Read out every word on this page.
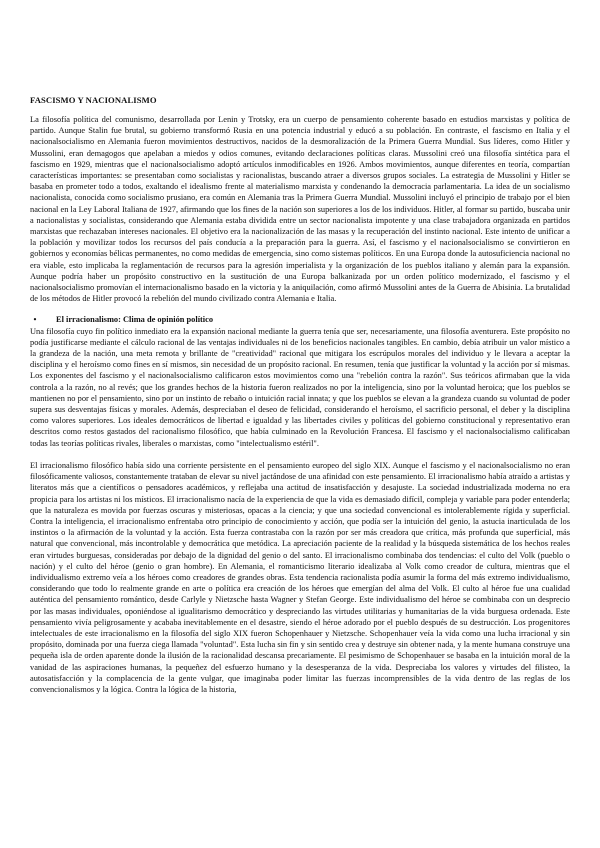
FASCISMO Y NACIONALISMO

La filosofía política del comunismo, desarrollada por Lenin y Trotsky, era un cuerpo de pensamiento coherente basado en estudios marxistas y política de partido. Aunque Stalin fue brutal, su gobierno transformó Rusia en una potencia industrial y educó a su población. En contraste, el fascismo en Italia y el nacionalsocialismo en Alemania fueron movimientos destructivos, nacidos de la desmoralización de la Primera Guerra Mundial. Sus líderes, como Hitler y Mussolini, eran demagogos que apelaban a miedos y odios comunes, evitando declaraciones políticas claras. Mussolini creó una filosofía sintética para el fascismo en 1929, mientras que el nacionalsocialismo adoptó artículos inmodificables en 1926. Ambos movimientos, aunque diferentes en teoría, compartían características importantes: se presentaban como socialistas y racionalistas, buscando atraer a diversos grupos sociales. La estrategia de Mussolini y Hitler se basaba en prometer todo a todos, exaltando el idealismo frente al materialismo marxista y condenando la democracia parlamentaria. La idea de un socialismo nacionalista, conocida como socialismo prusiano, era común en Alemania tras la Primera Guerra Mundial. Mussolini incluyó el principio de trabajo por el bien nacional en la Ley Laboral Italiana de 1927, afirmando que los fines de la nación son superiores a los de los individuos. Hitler, al formar su partido, buscaba unir a nacionalistas y socialistas, considerando que Alemania estaba dividida entre un sector nacionalista impotente y una clase trabajadora organizada en partidos marxistas que rechazaban intereses nacionales. El objetivo era la nacionalización de las masas y la recuperación del instinto nacional. Este intento de unificar a la población y movilizar todos los recursos del país conducía a la preparación para la guerra. Así, el fascismo y el nacionalsocialismo se convirtieron en gobiernos y economías bélicas permanentes, no como medidas de emergencia, sino como sistemas políticos. En una Europa donde la autosuficiencia nacional no era viable, esto implicaba la reglamentación de recursos para la agresión imperialista y la organización de los pueblos italiano y alemán para la expansión. Aunque podría haber un propósito constructivo en la sustitución de una Europa balkanizada por un orden político modernizado, el fascismo y el nacionalsocialismo promovían el internacionalismo basado en la victoria y la aniquilación, como afirmó Mussolini antes de la Guerra de Abisinia. La brutalidad de los métodos de Hitler provocó la rebelión del mundo civilizado contra Alemania e Italia.

•	El irracionalismo: Clima de opinión político

Una filosofía cuyo fin político inmediato era la expansión nacional mediante la guerra tenía que ser, necesariamente, una filosofía aventurera. Este propósito no podía justificarse mediante el cálculo racional de las ventajas individuales ni de los beneficios nacionales tangibles. En cambio, debía atribuir un valor místico a la grandeza de la nación, una meta remota y brillante de "creatividad" racional que mitigara los escrúpulos morales del individuo y le llevara a aceptar la disciplina y el heroísmo como fines en sí mismos, sin necesidad de un propósito racional. En resumen, tenía que justificar la voluntad y la acción por sí mismas. Los exponentes del fascismo y el nacionalsocialismo calificaron estos movimientos como una "rebelión contra la razón". Sus teóricos afirmaban que la vida controla a la razón, no al revés; que los grandes hechos de la historia fueron realizados no por la inteligencia, sino por la voluntad heroica; que los pueblos se mantienen no por el pensamiento, sino por un instinto de rebaño o intuición racial innata; y que los pueblos se elevan a la grandeza cuando su voluntad de poder supera sus desventajas físicas y morales. Además, despreciaban el deseo de felicidad, considerando el heroísmo, el sacrificio personal, el deber y la disciplina como valores superiores. Los ideales democráticos de libertad e igualdad y las libertades civiles y políticas del gobierno constitucional y representativo eran descritos como restos gastados del racionalismo filosófico, que había culminado en la Revolución Francesa. El fascismo y el nacionalsocialismo calificaban todas las teorías políticas rivales, liberales o marxistas, como "intelectualismo estéril".

El irracionalismo filosófico había sido una corriente persistente en el pensamiento europeo del siglo XIX. Aunque el fascismo y el nacionalsocialismo no eran filosóficamente valiosos, constantemente trataban de elevar su nivel jactándose de una afinidad con este pensamiento. El irracionalismo había atraído a artistas y literatos más que a científicos o pensadores académicos, y reflejaba una actitud de insatisfacción y desajuste. La sociedad industrializada moderna no era propicia para los artistas ni los místicos. El irracionalismo nacía de la experiencia de que la vida es demasiado difícil, compleja y variable para poder entenderla; que la naturaleza es movida por fuerzas oscuras y misteriosas, opacas a la ciencia; y que una sociedad convencional es intolerablemente rígida y superficial. Contra la inteligencia, el irracionalismo enfrentaba otro principio de conocimiento y acción, que podía ser la intuición del genio, la astucia inarticulada de los instintos o la afirmación de la voluntad y la acción. Esta fuerza contrastaba con la razón por ser más creadora que crítica, más profunda que superficial, más natural que convencional, más incontrolable y democrática que metódica. La apreciación paciente de la realidad y la búsqueda sistemática de los hechos reales eran virtudes burguesas, consideradas por debajo de la dignidad del genio o del santo. El irracionalismo combinaba dos tendencias: el culto del Volk (pueblo o nación) y el culto del héroe (genio o gran hombre). En Alemania, el romanticismo literario idealizaba al Volk como creador de cultura, mientras que el individualismo extremo veía a los héroes como creadores de grandes obras. Esta tendencia racionalista podía asumir la forma del más extremo individualismo, considerando que todo lo realmente grande en arte o política era creación de los héroes que emergían del alma del Volk. El culto al héroe fue una cualidad auténtica del pensamiento romántico, desde Carlyle y Nietzsche hasta Wagner y Stefan George. Este individualismo del héroe se combinaba con un desprecio por las masas individuales, oponiéndose al igualitarismo democrático y despreciando las virtudes utilitarias y humanitarias de la vida burguesa ordenada. Este pensamiento vivía peligrosamente y acababa inevitablemente en el desastre, siendo el héroe adorado por el pueblo después de su destrucción. Los progenitores intelectuales de este irracionalismo en la filosofía del siglo XIX fueron Schopenhauer y Nietzsche. Schopenhauer veía la vida como una lucha irracional y sin propósito, dominada por una fuerza ciega llamada "voluntad". Esta lucha sin fin y sin sentido crea y destruye sin obtener nada, y la mente humana construye una pequeña isla de orden aparente donde la ilusión de la racionalidad descansa precariamente. El pesimismo de Schopenhauer se basaba en la intuición moral de la vanidad de las aspiraciones humanas, la pequeñez del esfuerzo humano y la desesperanza de la vida. Despreciaba los valores y virtudes del filisteo, la autosatisfacción y la complacencia de la gente vulgar, que imaginaba poder limitar las fuerzas incomprensibles de la vida dentro de las reglas de los convencionalismos y la lógica. Contra la lógica de la historia,
